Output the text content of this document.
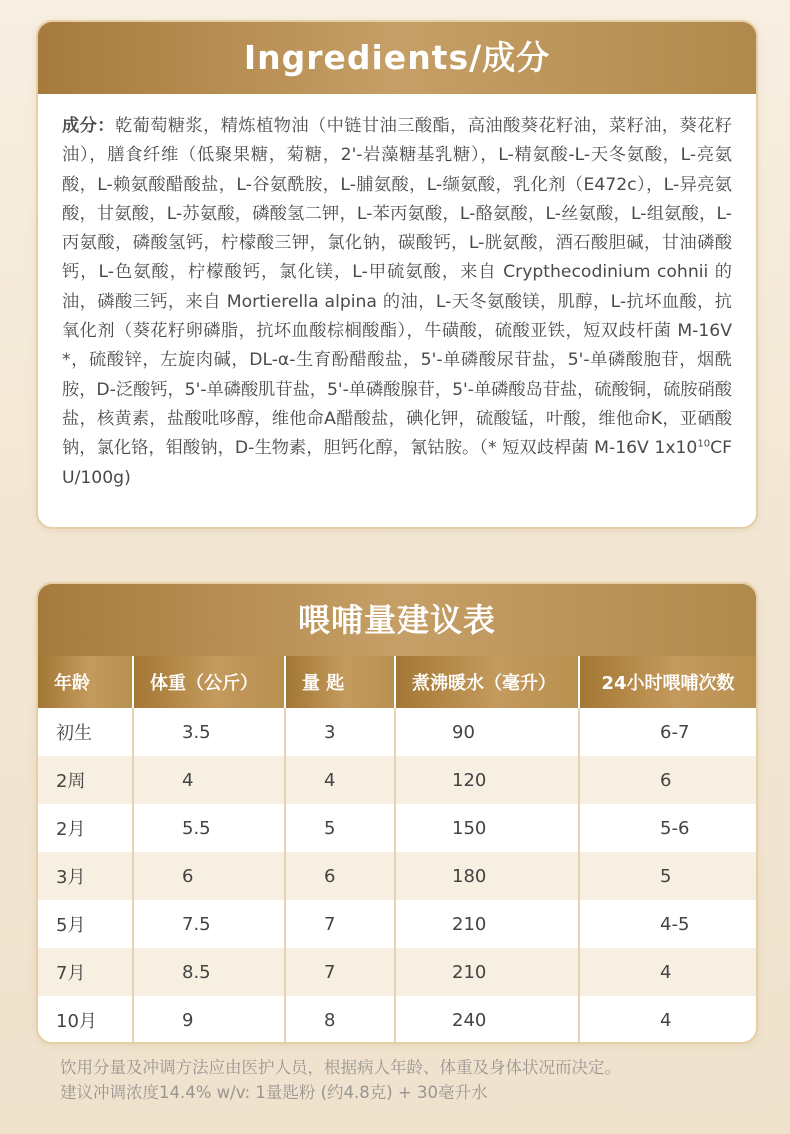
Ingredients/成分
成分：乾葡萄糖浆，精炼植物油（中链甘油三酸酯，高油酸葵花籽油，菜籽油，葵花籽油），膳食纤维（低聚果糖，菊糖，2'-岩藻糖基乳糖），L-精氨酸-L-天冬氨酸，L-亮氨酸，L-赖氨酸醋酸盐，L-谷氨酰胺，L-脯氨酸，L-缬氨酸，乳化剂（E472c），L-异亮氨酸，甘氨酸，L-苏氨酸，磷酸氢二钾，L-苯丙氨酸，L-酪氨酸，L-丝氨酸，L-组氨酸，L-丙氨酸，磷酸氢钙，柠檬酸三钾，氯化钠，碳酸钙，L-胱氨酸，酒石酸胆碱，甘油磷酸钙，L-色氨酸，柠檬酸钙，氯化镁，L-甲硫氨酸，来自 Crypthecodinium cohnii 的油，磷酸三钙，来自 Mortierella alpina 的油，L-天冬氨酸镁，肌醇，L-抗坏血酸，抗氧化剂（葵花籽卵磷脂，抗坏血酸棕榈酸酯），牛磺酸，硫酸亚铁，短双歧杆菌 M-16V*，硫酸锌，左旋肉碱，DL-α-生育酚醋酸盐，5'-单磷酸尿苷盐，5'-单磷酸胞苷，烟酰胺，D-泛酸钙，5'-单磷酸肌苷盐，5'-单磷酸腺苷，5'-单磷酸岛苷盐，硫酸铜，硫胺硝酸盐，核黄素，盐酸吡哆醇，维他命A醋酸盐，碘化钾，硫酸锰，叶酸，维他命K，亚硒酸钠，氯化铬，钼酸钠，D-生物素，胆钙化醇，氰钴胺。（* 短双歧桿菌 M-16V $1x10^{10}CFU/100g$)
喂哺量建议表
年龄	体重（公斤）	量 匙	煮沸暖水（毫升）	24小时喂哺次数
初生	3.5	3	90	6-7
2周	4	4	120	6
2月	5.5	5	150	5-6
3月	6	6	180	5
5月	7.5	7	210	4-5
7月	8.5	7	210	4
10月	9	8	240	4
饮用分量及冲调方法应由医护人员，根据病人年龄、体重及身体状况而决定。
建议冲调浓度14.4% w/v: 1量匙粉 (约4.8克) + 30毫升水
